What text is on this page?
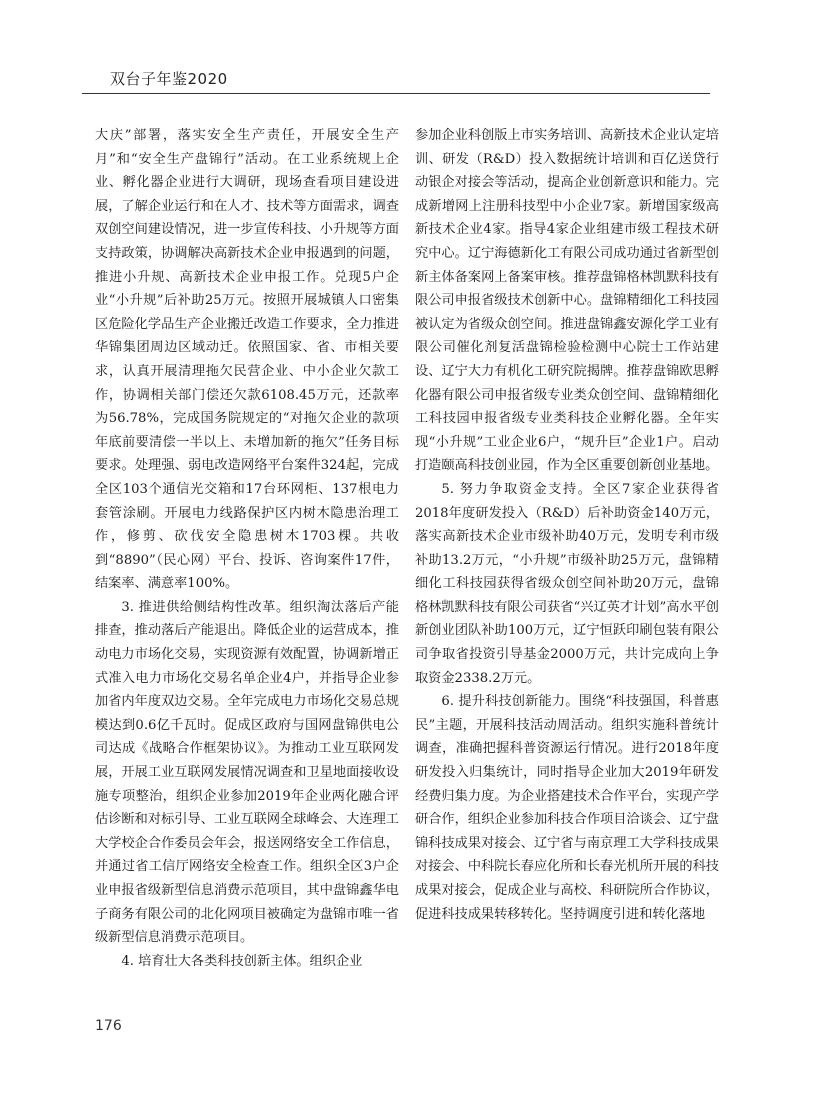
双台子年鉴2020

大庆”部署，落实安全生产责任，开展安全生产月”和“安全生产盘锦行”活动。在工业系统规上企业、孵化器企业进行大调研，现场查看项目建设进展，了解企业运行和在人才、技术等方面需求，调查双创空间建设情况，进一步宣传科技、小升规等方面支持政策，协调解决高新技术企业申报遇到的问题，推进小升规、高新技术企业申报工作。兑现5户企业“小升规”后补助25万元。按照开展城镇人口密集区危险化学品生产企业搬迁改造工作要求，全力推进华锦集团周边区域动迁。依照国家、省、市相关要求，认真开展清理拖欠民营企业、中小企业欠款工作，协调相关部门偿还欠款6108.45万元，还款率为56.78%，完成国务院规定的“对拖欠企业的款项年底前要清偿一半以上、未增加新的拖欠”任务目标要求。处理强、弱电改造网络平台案件324起，完成全区103个通信光交箱和17台环网柜、137根电力套管涂刷。开展电力线路保护区内树木隐患治理工作，修剪、砍伐安全隐患树木1703棵。共收到“8890”（民心网）平台、投诉、咨询案件17件，结案率、满意率100%。

3. 推进供给侧结构性改革。组织淘汰落后产能排查，推动落后产能退出。降低企业的运营成本，推动电力市场化交易，实现资源有效配置，协调新增正式准入电力市场化交易名单企业4户，并指导企业参加省内年度双边交易。全年完成电力市场化交易总规模达到0.6亿千瓦时。促成区政府与国网盘锦供电公司达成《战略合作框架协议》。为推动工业互联网发展，开展工业互联网发展情况调查和卫星地面接收设施专项整治，组织企业参加2019年企业两化融合评估诊断和对标引导、工业互联网全球峰会、大连理工大学校企合作委员会年会，报送网络安全工作信息，并通过省工信厅网络安全检查工作。组织全区3户企业申报省级新型信息消费示范项目，其中盘锦鑫华电子商务有限公司的北化网项目被确定为盘锦市唯一省级新型信息消费示范项目。

4. 培育壮大各类科技创新主体。组织企业

参加企业科创版上市实务培训、高新技术企业认定培训、研发（R&D）投入数据统计培训和百亿送贷行动银企对接会等活动，提高企业创新意识和能力。完成新增网上注册科技型中小企业7家。新增国家级高新技术企业4家。指导4家企业组建市级工程技术研究中心。辽宁海德新化工有限公司成功通过省新型创新主体备案网上备案审核。推荐盘锦格林凯默科技有限公司申报省级技术创新中心。盘锦精细化工科技园被认定为省级众创空间。推进盘锦鑫安源化学工业有限公司催化剂复活盘锦检验检测中心院士工作站建设、辽宁大力有机化工研究院揭牌。推荐盘锦欧思孵化器有限公司申报省级专业类众创空间、盘锦精细化工科技园申报省级专业类科技企业孵化器。全年实现“小升规”工业企业6户，“规升巨”企业1户。启动打造颐高科技创业园，作为全区重要创新创业基地。

5. 努力争取资金支持。全区7家企业获得省2018年度研发投入（R&D）后补助资金140万元，落实高新技术企业市级补助40万元，发明专利市级补助13.2万元，“小升规”市级补助25万元，盘锦精细化工科技园获得省级众创空间补助20万元，盘锦格林凯默科技有限公司获省“兴辽英才计划”高水平创新创业团队补助100万元，辽宁恒跃印刷包装有限公司争取省投资引导基金2000万元，共计完成向上争取资金2338.2万元。

6. 提升科技创新能力。围绕“科技强国，科普惠民”主题，开展科技活动周活动。组织实施科普统计调查，准确把握科普资源运行情况。进行2018年度研发投入归集统计，同时指导企业加大2019年研发经费归集力度。为企业搭建技术合作平台，实现产学研合作，组织企业参加科技合作项目洽谈会、辽宁盘锦科技成果对接会、辽宁省与南京理工大学科技成果对接会、中科院长春应化所和长春光机所开展的科技成果对接会，促成企业与高校、科研院所合作协议，促进科技成果转移转化。坚持调度引进和转化落地

176
